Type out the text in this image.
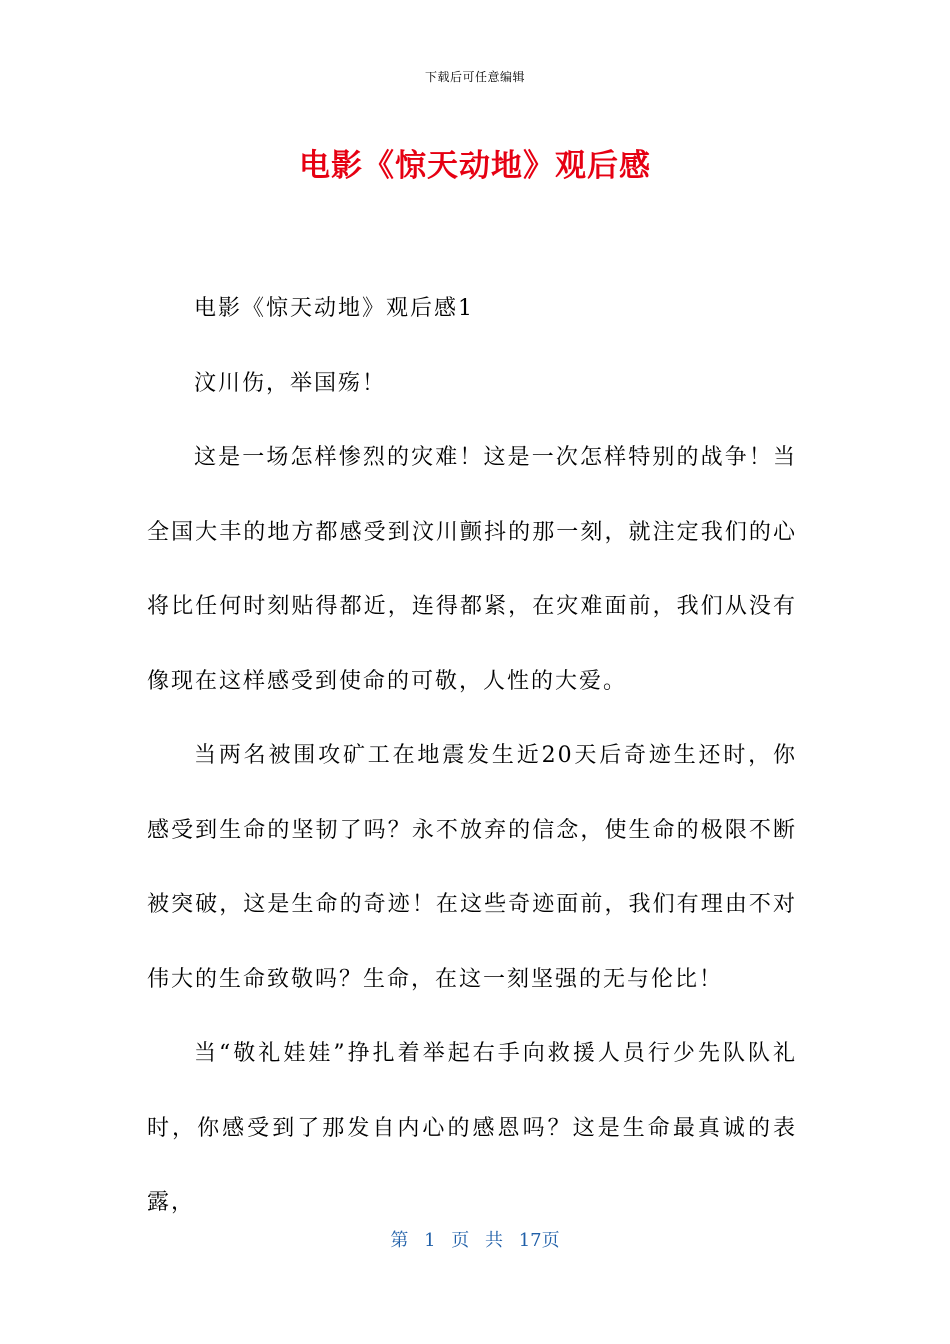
下载后可任意编辑
电影《惊天动地》观后感

电影《惊天动地》观后感1

汶川伤，举国殇！

这是一场怎样惨烈的灾难！这是一次怎样特别的战争！当全国大丰的地方都感受到汶川颤抖的那一刻，就注定我们的心将比任何时刻贴得都近，连得都紧，在灾难面前，我们从没有像现在这样感受到使命的可敬，人性的大爱。

当两名被围攻矿工在地震发生近20天后奇迹生还时，你感受到生命的坚韧了吗？永不放弃的信念，使生命的极限不断被突破，这是生命的奇迹！在这些奇迹面前，我们有理由不对伟大的生命致敬吗？生命，在这一刻坚强的无与伦比！

当“敬礼娃娃”挣扎着举起右手向救援人员行少先队队礼时，你感受到了那发自内心的感恩吗？这是生命最真诚的表露，

第 1 页 共 17页
